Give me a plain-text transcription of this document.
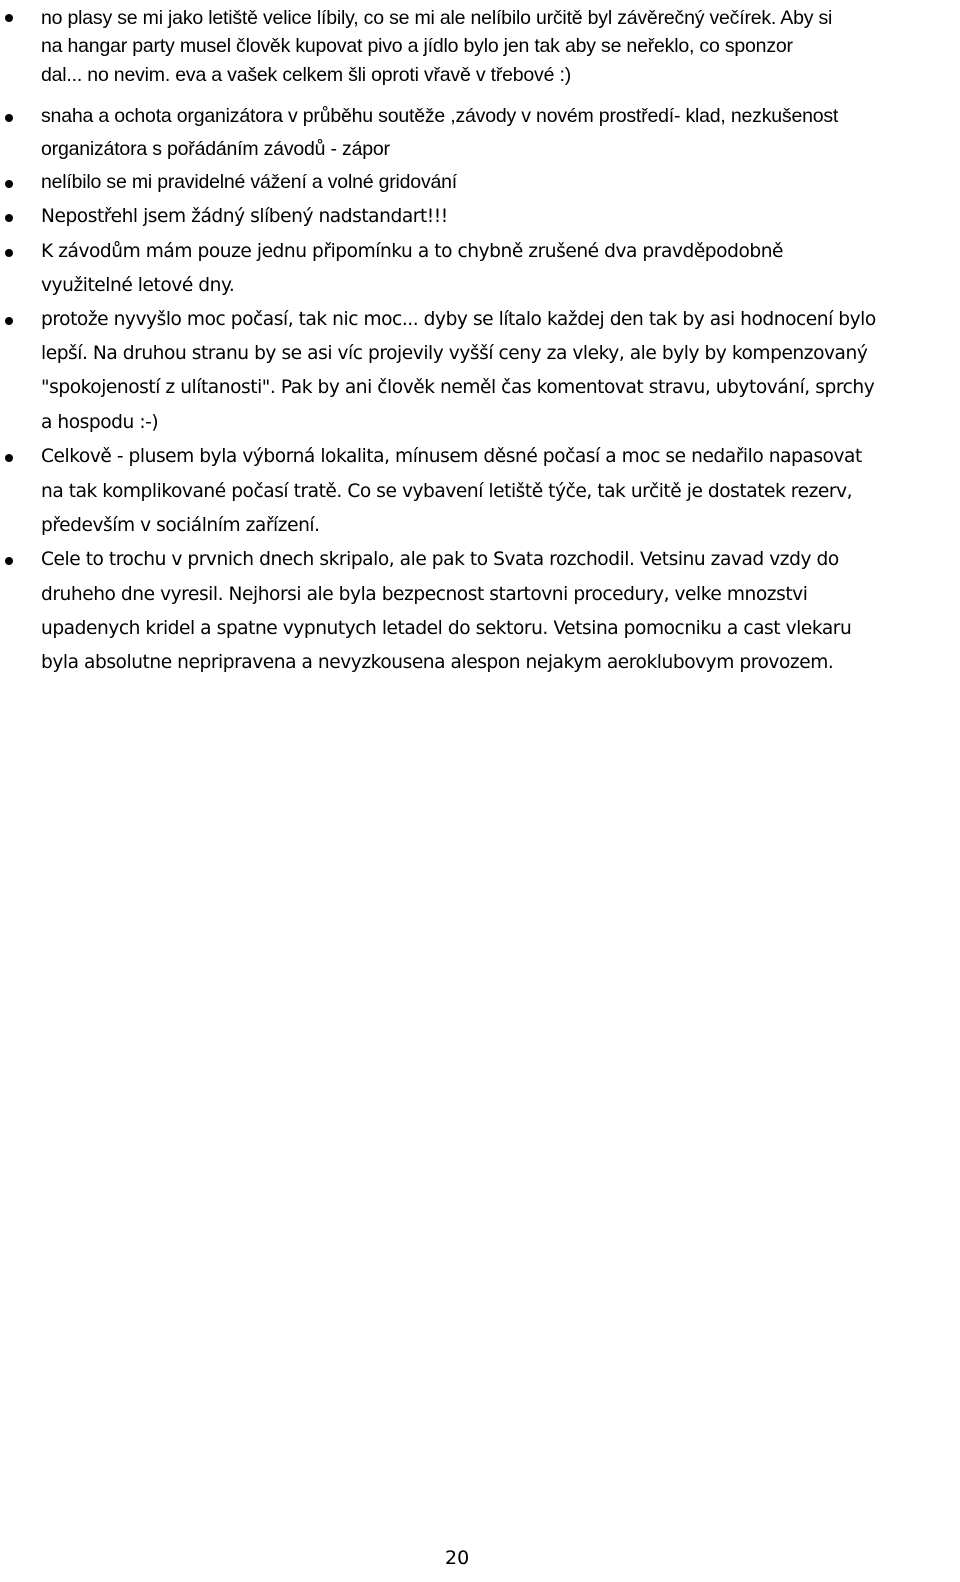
no plasy se mi jako letiště velice líbily, co se mi ale nelíbilo určitě byl závěrečný večírek. Aby si
na hangar party musel člověk kupovat pivo a jídlo bylo jen tak aby se neřeklo, co sponzor
dal... no nevim. eva a vašek celkem šli oproti vřavě v třebové :)
snaha a ochota organizátora v průběhu soutěže ,závody v novém prostředí- klad, nezkušenost
organizátora s pořádáním závodů - zápor
nelíbilo se mi pravidelné vážení a volné gridování
Nepostřehl jsem žádný slíbený nadstandart!!!
K závodům mám pouze jednu připomínku a to chybně zrušené dva pravděpodobně
využitelné letové dny.
protože nyvyšlo moc počasí, tak nic moc... dyby se lítalo každej den tak by asi hodnocení bylo
lepší. Na druhou stranu by se asi víc projevily vyšší ceny za vleky, ale byly by kompenzovaný
"spokojeností z ulítanosti". Pak by ani člověk neměl čas komentovat stravu, ubytování, sprchy
a hospodu :-)
Celkově - plusem byla výborná lokalita, mínusem děsné počasí a moc se nedařilo napasovat
na tak komplikované počasí tratě. Co se vybavení letiště týče, tak určitě je dostatek rezerv,
především v sociálním zařízení.
Cele to trochu v prvnich dnech skripalo, ale pak to Svata rozchodil. Vetsinu zavad vzdy do
druheho dne vyresil. Nejhorsi ale byla bezpecnost startovni procedury, velke mnozstvi
upadenych kridel a spatne vypnutych letadel do sektoru. Vetsina pomocniku a cast vlekaru
byla absolutne nepripravena a nevyzkousena alespon nejakym aeroklubovym provozem.
20
